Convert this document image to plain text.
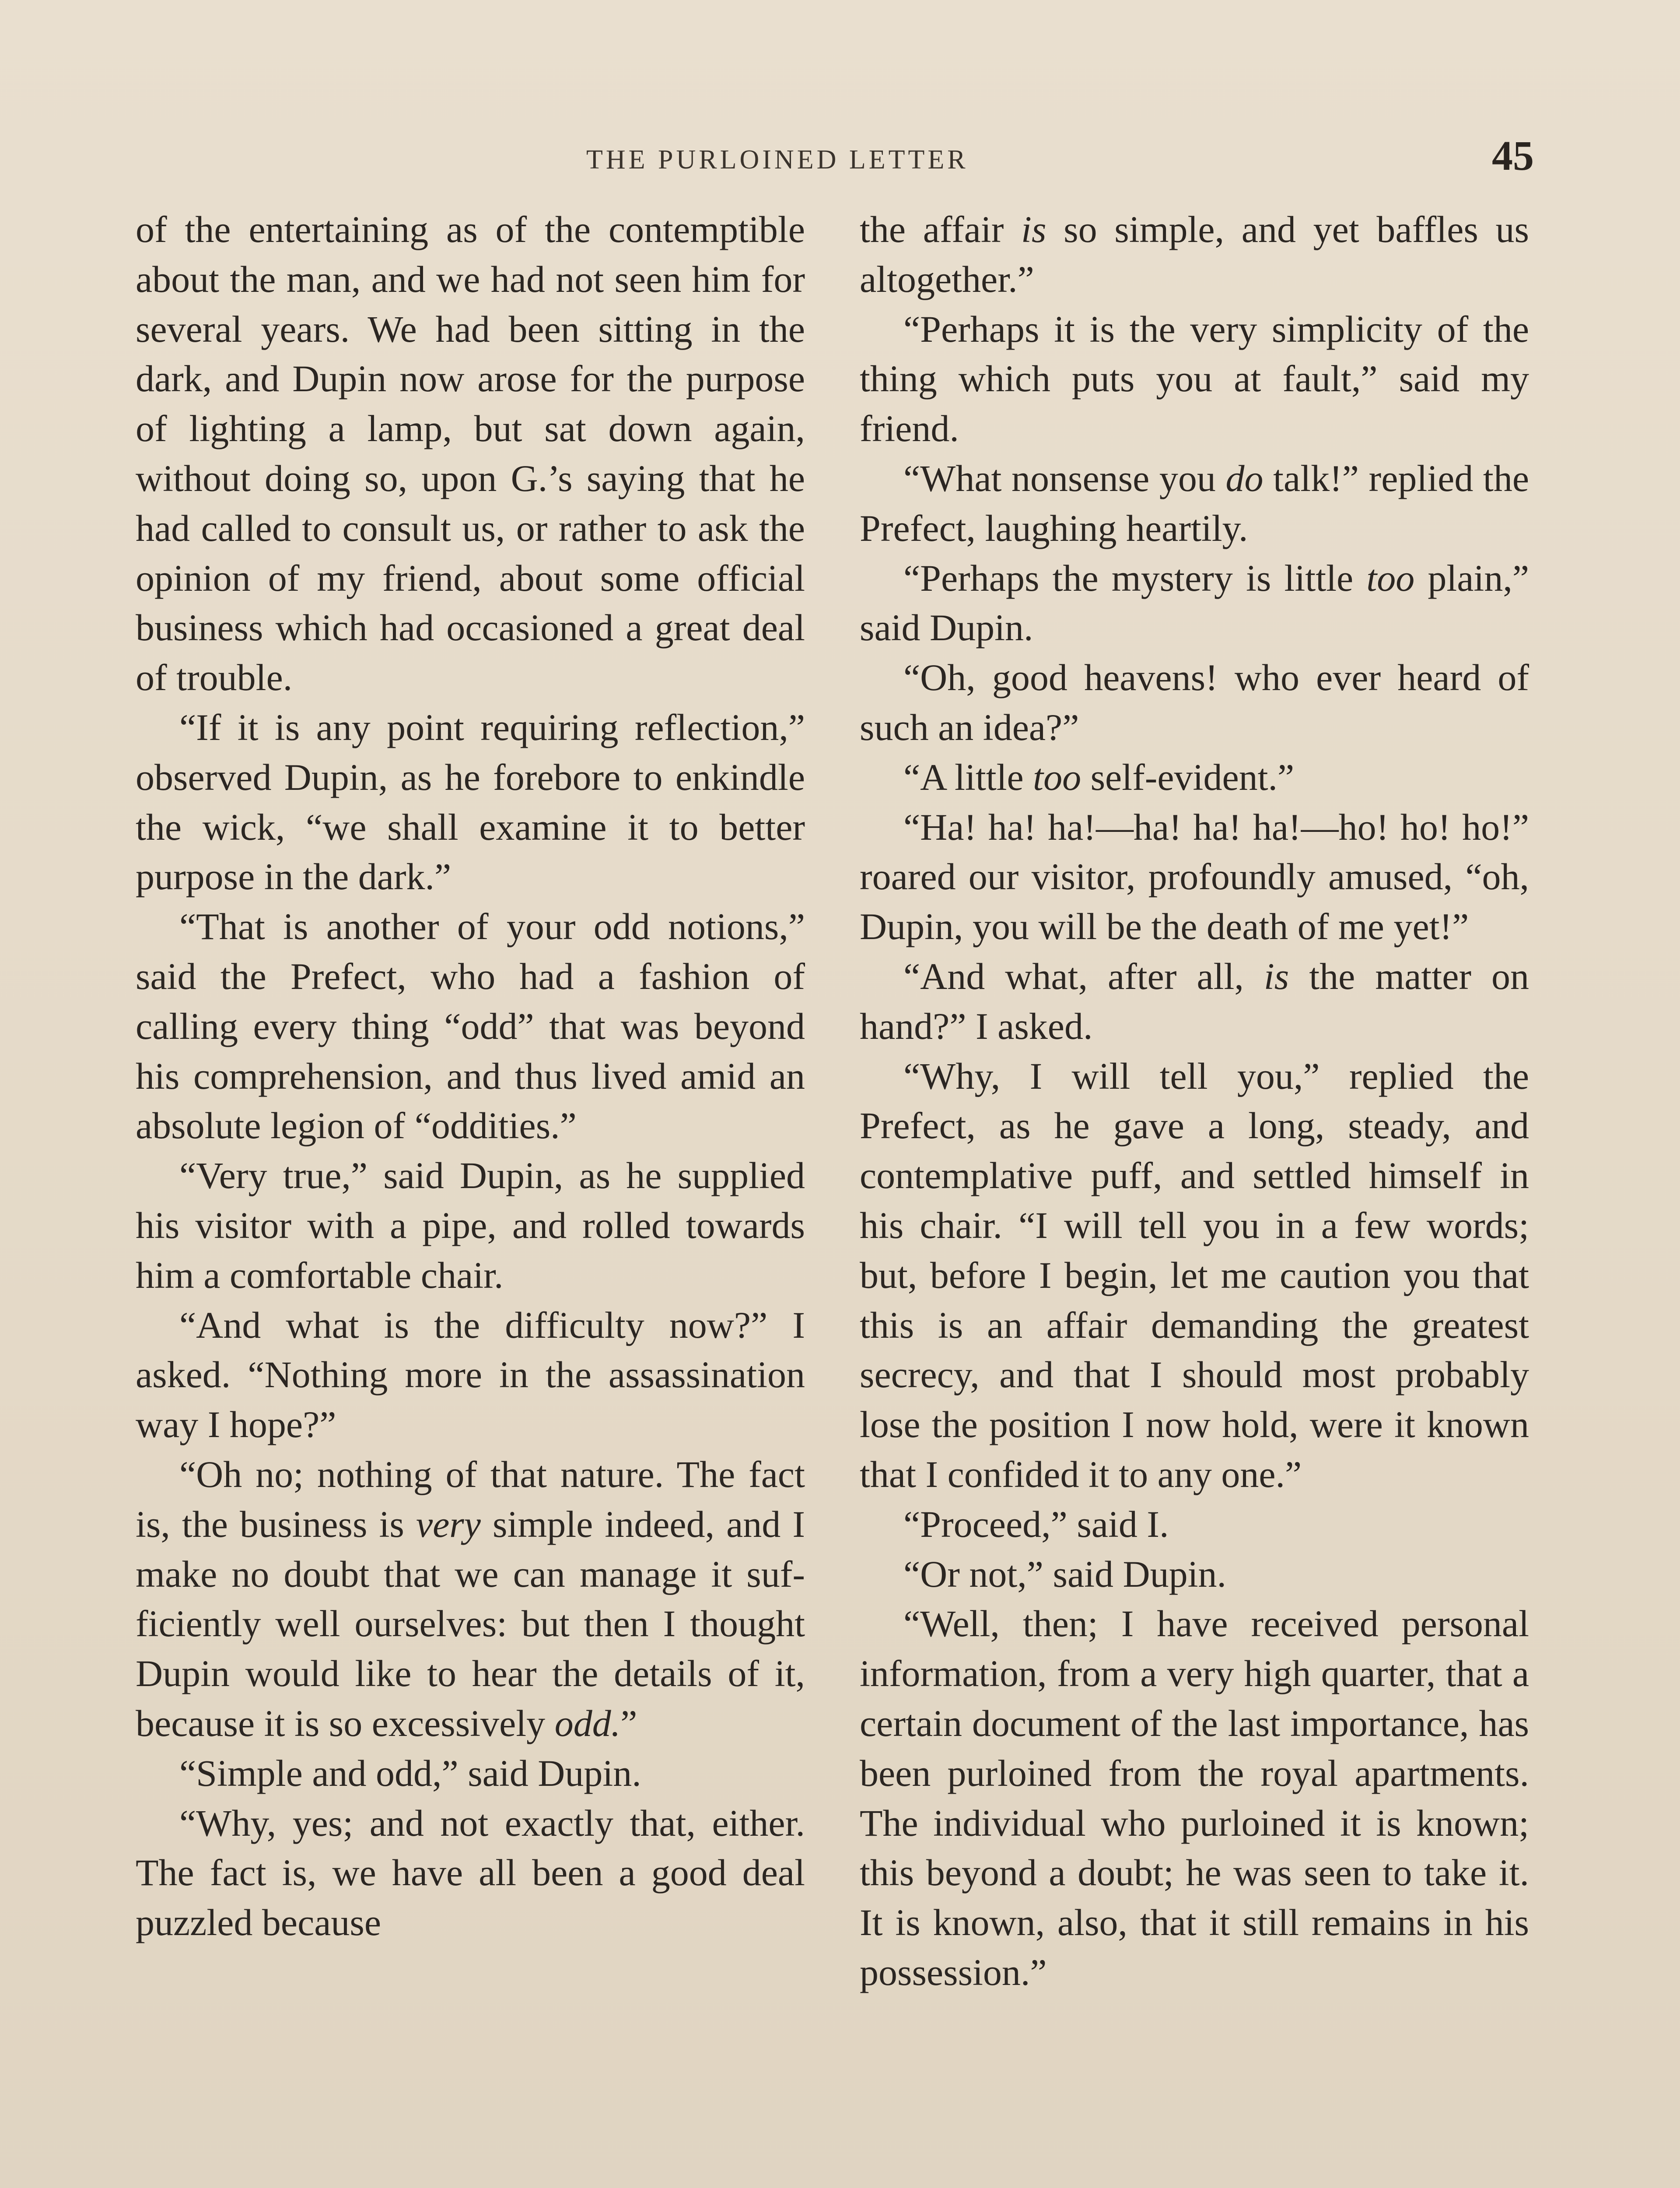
THE PURLOINED LETTER	45

of the entertaining as of the contemptible about the man, and we had not seen him for several years. We had been sitting in the dark, and Dupin now arose for the purpose of lighting a lamp, but sat down again, without doing so, upon G.’s saying that he had called to consult us, or rather to ask the opinion of my friend, about some official business which had occasioned a great deal of trouble.

“If it is any point requiring reflection,” observed Dupin, as he forebore to enkindle the wick, “we shall examine it to better purpose in the dark.”

“That is another of your odd notions,” said the Prefect, who had a fashion of calling every thing “odd” that was beyond his comprehension, and thus lived amid an absolute legion of “oddities.”

“Very true,” said Dupin, as he supplied his visitor with a pipe, and rolled towards him a comfortable chair.

“And what is the difficulty now?” I asked. “Nothing more in the assassination way I hope?”

“Oh no; nothing of that nature. The fact is, the business is very simple indeed, and I make no doubt that we can manage it sufficiently well ourselves: but then I thought Dupin would like to hear the details of it, because it is so excessively odd.”

“Simple and odd,” said Dupin.

“Why, yes; and not exactly that, either. The fact is, we have all been a good deal puzzled because

the affair is so simple, and yet baffles us altogether.”

“Perhaps it is the very simplicity of the thing which puts you at fault,” said my friend.

“What nonsense you do talk!” replied the Prefect, laughing heartily.

“Perhaps the mystery is little too plain,” said Dupin.

“Oh, good heavens! who ever heard of such an idea?”

“A little too self-evident.”

“Ha! ha! ha!—ha! ha! ha!—ho! ho! ho!” roared our visitor, profoundly amused, “oh, Dupin, you will be the death of me yet!”

“And what, after all, is the matter on hand?” I asked.

“Why, I will tell you,” replied the Prefect, as he gave a long, steady, and contemplative puff, and settled himself in his chair. “I will tell you in a few words; but, before I begin, let me caution you that this is an affair demanding the greatest secrecy, and that I should most probably lose the position I now hold, were it known that I confided it to any one.”

“Proceed,” said I.

“Or not,” said Dupin.

“Well, then; I have received personal information, from a very high quarter, that a certain document of the last importance, has been purloined from the royal apartments. The individual who purloined it is known; this beyond a doubt; he was seen to take it. It is known, also, that it still remains in his possession.”
